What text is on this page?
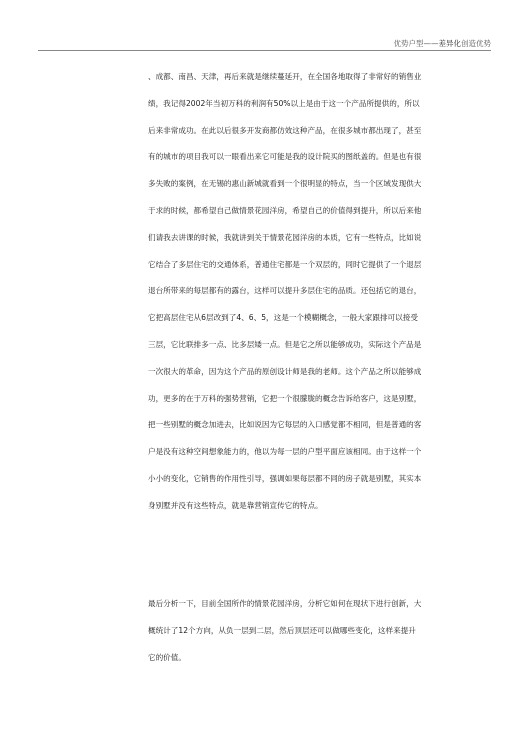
优势户型——差异化创造优势
、成都、南昌、天津，再后来就是继续蔓延开，在全国各地取得了非常好的销售业
绩，我记得2002年当初万科的利润有50%以上是由于这一个产品所提供的，所以
后来非常成功。在此以后很多开发商都仿效这种产品，在很多城市都出现了，甚至
有的城市的项目我可以一眼看出来它可能是我的设计院买的图纸盖的。但是也有很
多失败的案例，在无锡的惠山新城就看到一个很明显的特点，当一个区域发现供大
于求的时候，都希望自己做情景花园洋房，希望自己的价值得到提升，所以后来他
们请我去讲课的时候，我就讲到关于情景花园洋房的本质，它有一些特点，比如说
它结合了多层住宅的交通体系，普通住宅都是一个双层的，同时它提供了一个退层
退台所带来的每层都有的露台，这样可以提升多层住宅的品质。还包括它的退台，
它把高层住宅从6层改到了4、6、5，这是一个模糊概念，一般大家跟排可以接受
三层，它比联排多一点、比多层矮一点。但是它之所以能够成功，实际这个产品是
一次很大的革命，因为这个产品的原创设计师是我的老师。这个产品之所以能够成
功，更多的在于万科的强势营销，它把一个很朦胧的概念告诉给客户，这是别墅，
把一些别墅的概念加进去，比如说因为它每层的入口感觉都不相同，但是普通的客
户是没有这种空间想象能力的，他以为每一层的户型平面应该相同。由于这样一个
小小的变化，它销售的作用性引导，强调如果每层都不同的房子就是别墅，其实本
身别墅并没有这些特点，就是靠营销宣传它的特点。
最后分析一下，目前全国所作的情景花园洋房，分析它如何在现状下进行创新，大
概统计了12个方向，从负一层到二层，然后顶层还可以做哪些变化，这样来提升
它的价值。
